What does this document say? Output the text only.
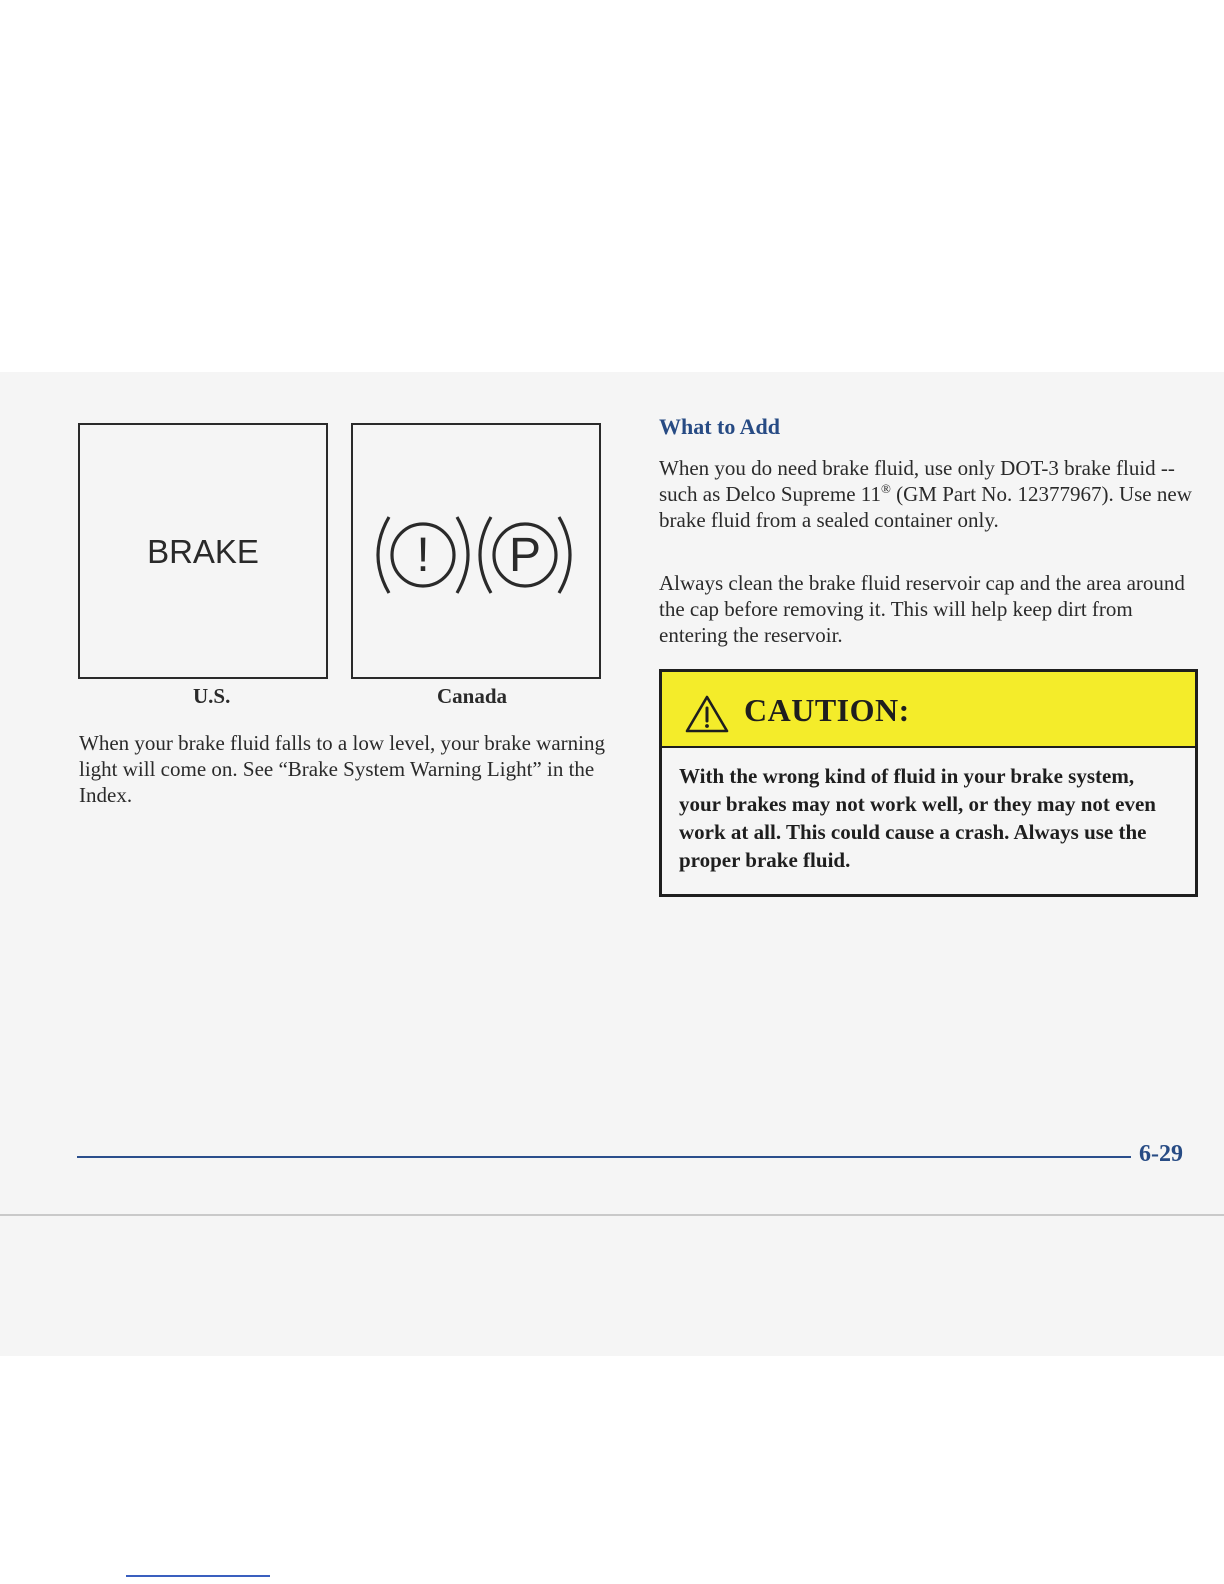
BRAKE
U.S.
! P
Canada

When your brake fluid falls to a low level, your brake warning light will come on. See “Brake System Warning Light” in the Index.

What to Add

When you do need brake fluid, use only DOT-3 brake fluid -- such as Delco Supreme 11® (GM Part No. 12377967). Use new brake fluid from a sealed container only.

Always clean the brake fluid reservoir cap and the area around the cap before removing it. This will help keep dirt from entering the reservoir.

CAUTION:

With the wrong kind of fluid in your brake system, your brakes may not work well, or they may not even work at all. This could cause a crash. Always use the proper brake fluid.

6-29
